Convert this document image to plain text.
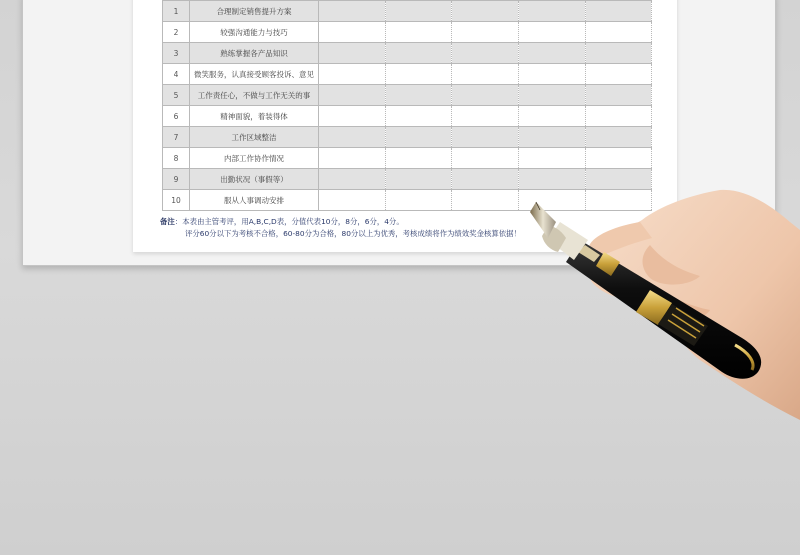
1	合理制定销售提升方案					
2	较强沟通能力与技巧					
3	熟练掌握各产品知识					
4	微笑服务，认真接受顾客投诉、意见					
5	工作责任心，不做与工作无关的事					
6	精神面貌，着装得体					
7	工作区域整洁					
8	内部工作协作情况					
9	出勤状况（事假等）					
10	服从人事调动安排					
备注：本表由主管考评，用A,B,C,D表，分值代表10分，8分，6分，4分。
评分60分以下为考核不合格，60-80分为合格，80分以上为优秀，考核成绩将作为绩效奖金核算依据！
